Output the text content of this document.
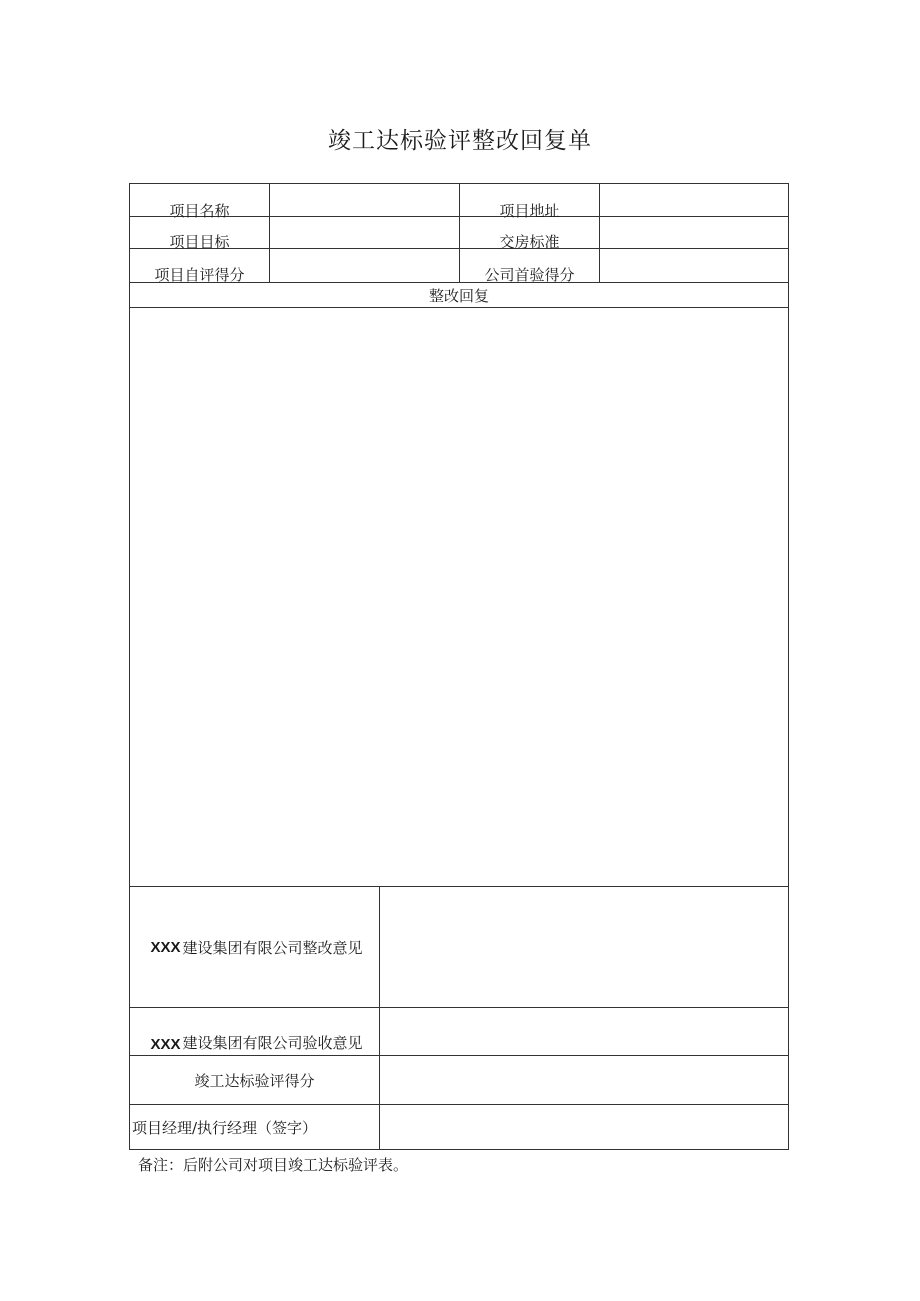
竣工达标验评整改回复单
项目名称	项目地址
项目目标	交房标准
项目自评得分	公司首验得分
整改回复
XXX 建设集团有限公司整改意见
XXX 建设集团有限公司验收意见
竣工达标验评得分
项目经理/执行经理（签字）
备注：后附公司对项目竣工达标验评表。
